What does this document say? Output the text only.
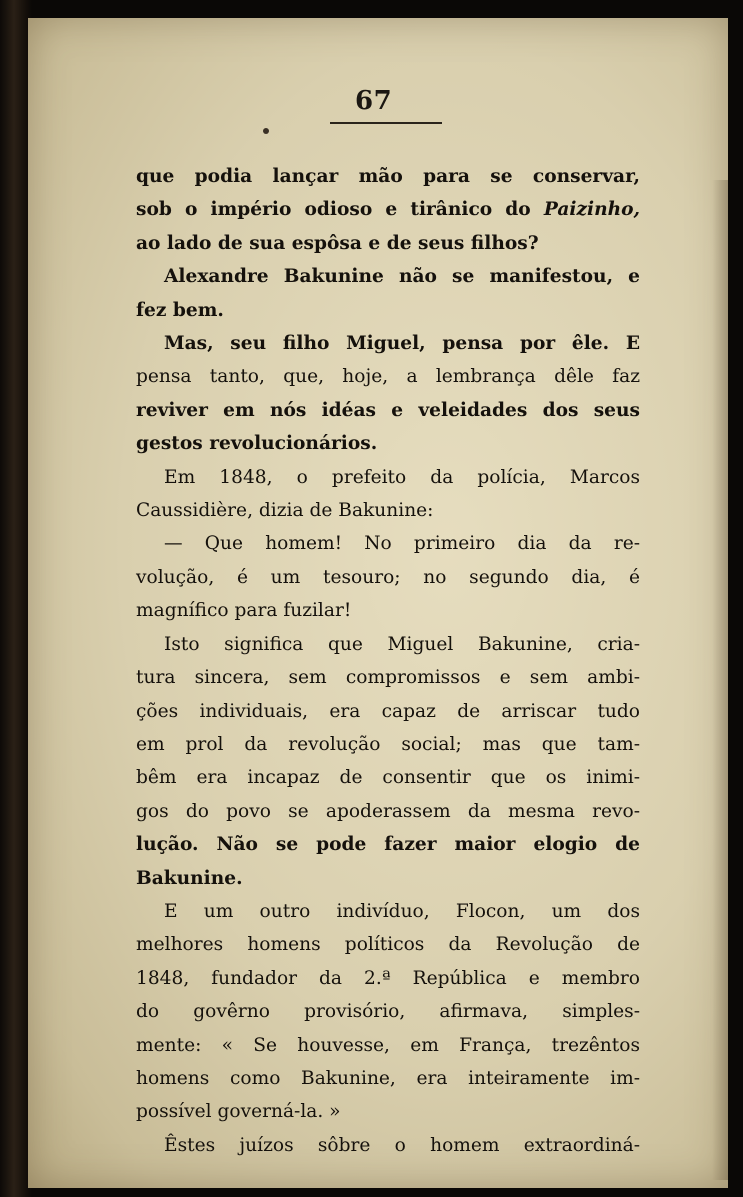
67
que podia lançar mão para se conservar,
sob o império odioso e tirânico do Paizinho,
ao lado de sua espôsa e de seus filhos?
Alexandre Bakunine não se manifestou, e
fez bem.
Mas, seu filho Miguel, pensa por êle. E
pensa tanto, que, hoje, a lembrança dêle faz
reviver em nós idéas e veleidades dos seus
gestos revolucionários.
Em 1848, o prefeito da polícia, Marcos
Caussidière, dizia de Bakunine:
— Que homem! No primeiro dia da re-
volução, é um tesouro; no segundo dia, é
magnífico para fuzilar!
Isto significa que Miguel Bakunine, cria-
tura sincera, sem compromissos e sem ambi-
ções individuais, era capaz de arriscar tudo
em prol da revolução social; mas que tam-
bêm era incapaz de consentir que os inimi-
gos do povo se apoderassem da mesma revo-
lução. Não se pode fazer maior elogio de
Bakunine.
E um outro indivíduo, Flocon, um dos
melhores homens políticos da Revolução de
1848, fundador da 2.ª República e membro
do govêrno provisório, afirmava, simples-
mente: « Se houvesse, em França, trezêntos
homens como Bakunine, era inteiramente im-
possível governá-la. »
Êstes juízos sôbre o homem extraordiná-
